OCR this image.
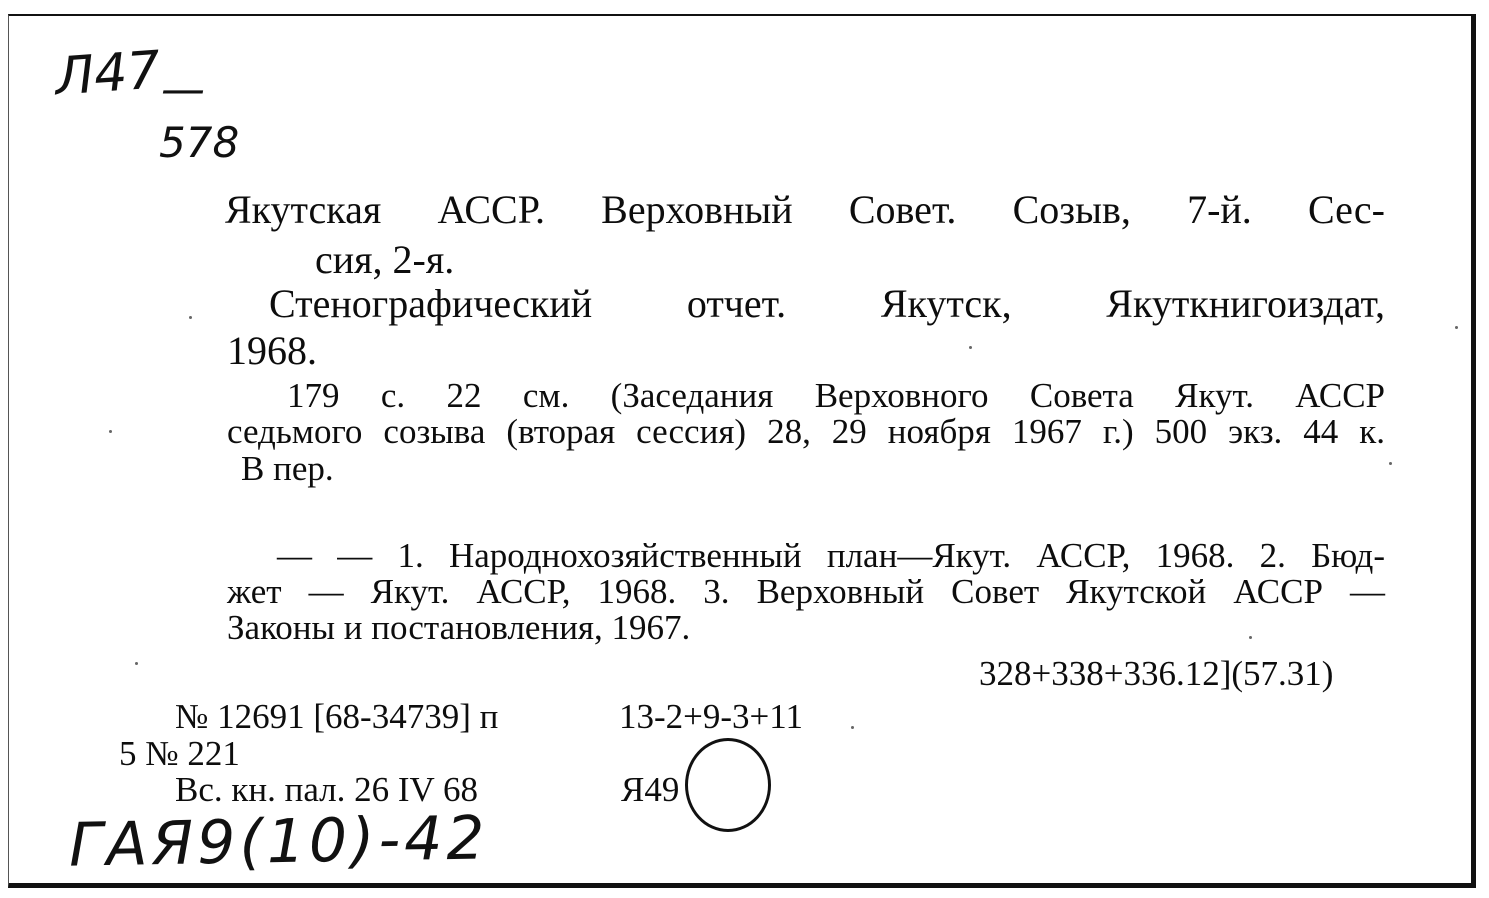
Л47
—
578
Якутская АССР. Верховный Совет. Созыв, 7-й. Сес-
сия, 2-я.
Стенографический отчет. Якутск, Якуткнигоиздат,
1968.
179 с. 22 см. (Заседания Верховного Совета Якут. АССР
седьмого созыва (вторая сессия) 28, 29 ноября 1967 г.) 500 экз. 44 к.
В пер.
— — 1. Народнохозяйственный план—Якут. АССР, 1968. 2. Бюд-
жет — Якут. АССР, 1968. 3. Верховный Совет Якутской АССР —
Законы и постановления, 1967.
328+338+336.12](57.31)
№ 12691 [68-34739] п	13-2+9-3+11
5 № 221
Вс. кн. пал. 26 IV 68	Я49
ГАЯ9(10)-42
